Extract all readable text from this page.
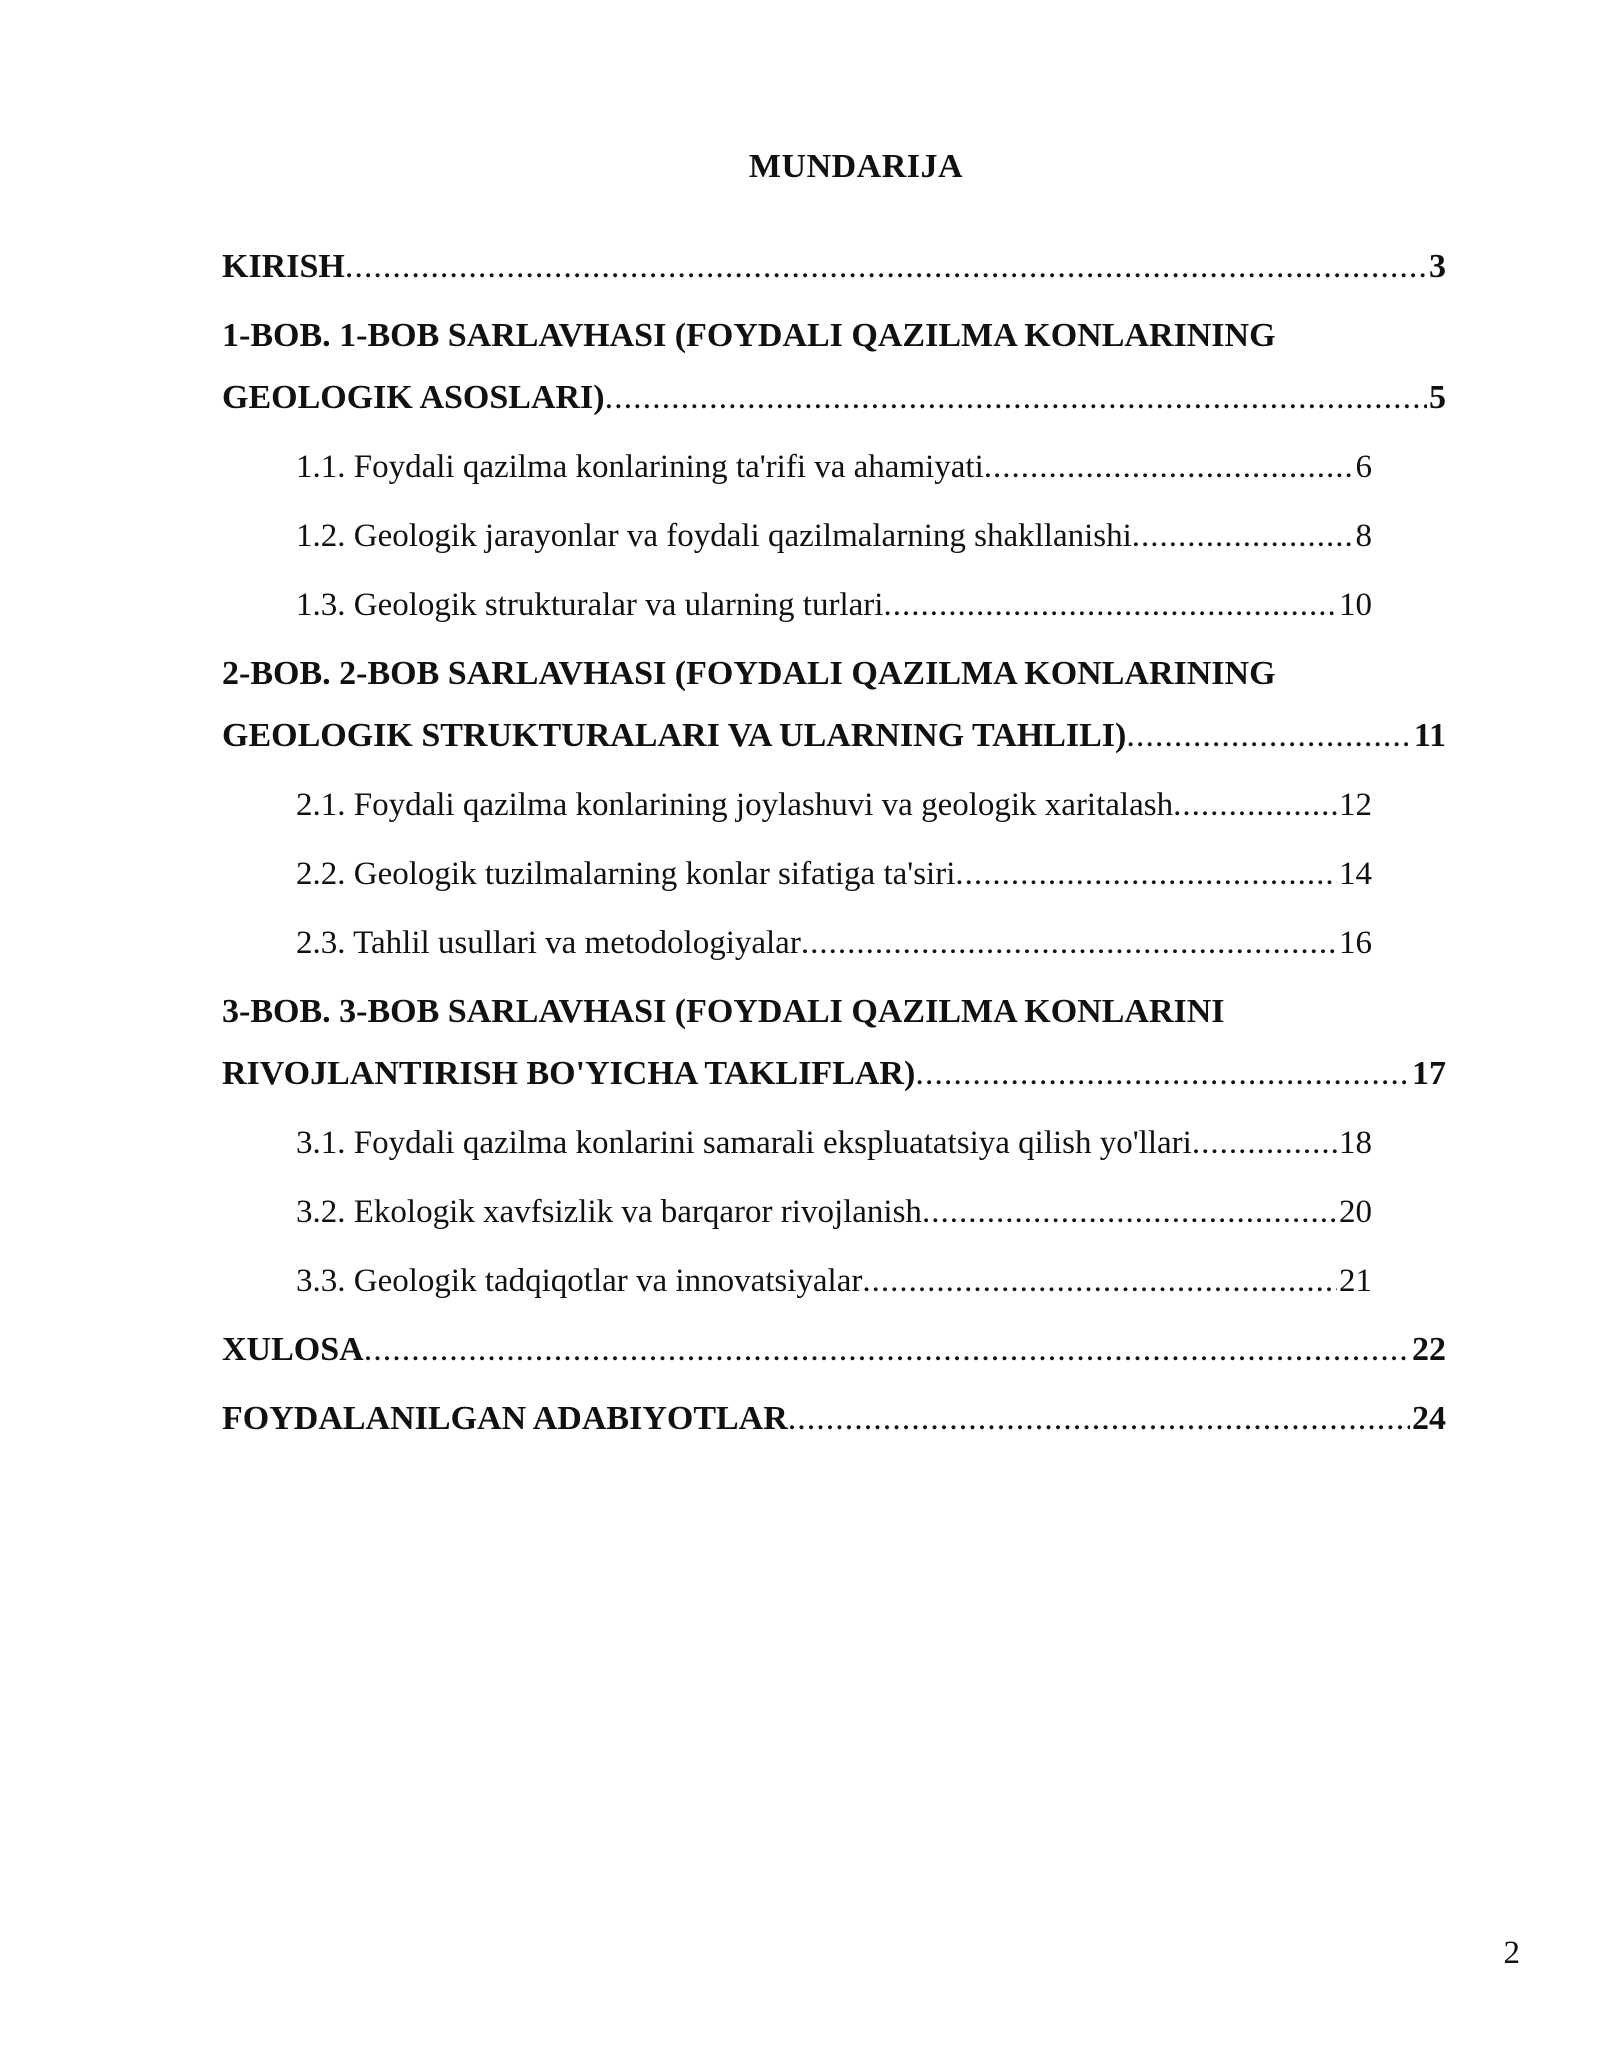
MUNDARIJA
KIRISH .....	3
1-BOB. 1-BOB SARLAVHASI (FOYDALI QAZILMA KONLARINING
GEOLOGIK ASOSLARI) .....	5
1.1. Foydali qazilma konlarining ta'rifi va ahamiyati .....	6
1.2. Geologik jarayonlar va foydali qazilmalarning shakllanishi .....	8
1.3. Geologik strukturalar va ularning turlari .....	10
2-BOB. 2-BOB SARLAVHASI (FOYDALI QAZILMA KONLARINING
GEOLOGIK STRUKTURALARI VA ULARNING TAHLILI) .....	11
2.1. Foydali qazilma konlarining joylashuvi va geologik xaritalash .....	12
2.2. Geologik tuzilmalarning konlar sifatiga ta'siri .....	14
2.3. Tahlil usullari va metodologiyalar .....	16
3-BOB. 3-BOB SARLAVHASI (FOYDALI QAZILMA KONLARINI
RIVOJLANTIRISH BO'YICHA TAKLIFLAR) .....	17
3.1. Foydali qazilma konlarini samarali ekspluatatsiya qilish yo'llari .....	18
3.2. Ekologik xavfsizlik va barqaror rivojlanish .....	20
3.3. Geologik tadqiqotlar va innovatsiyalar .....	21
XULOSA .....	22
FOYDALANILGAN ADABIYOTLAR .....	24
2
